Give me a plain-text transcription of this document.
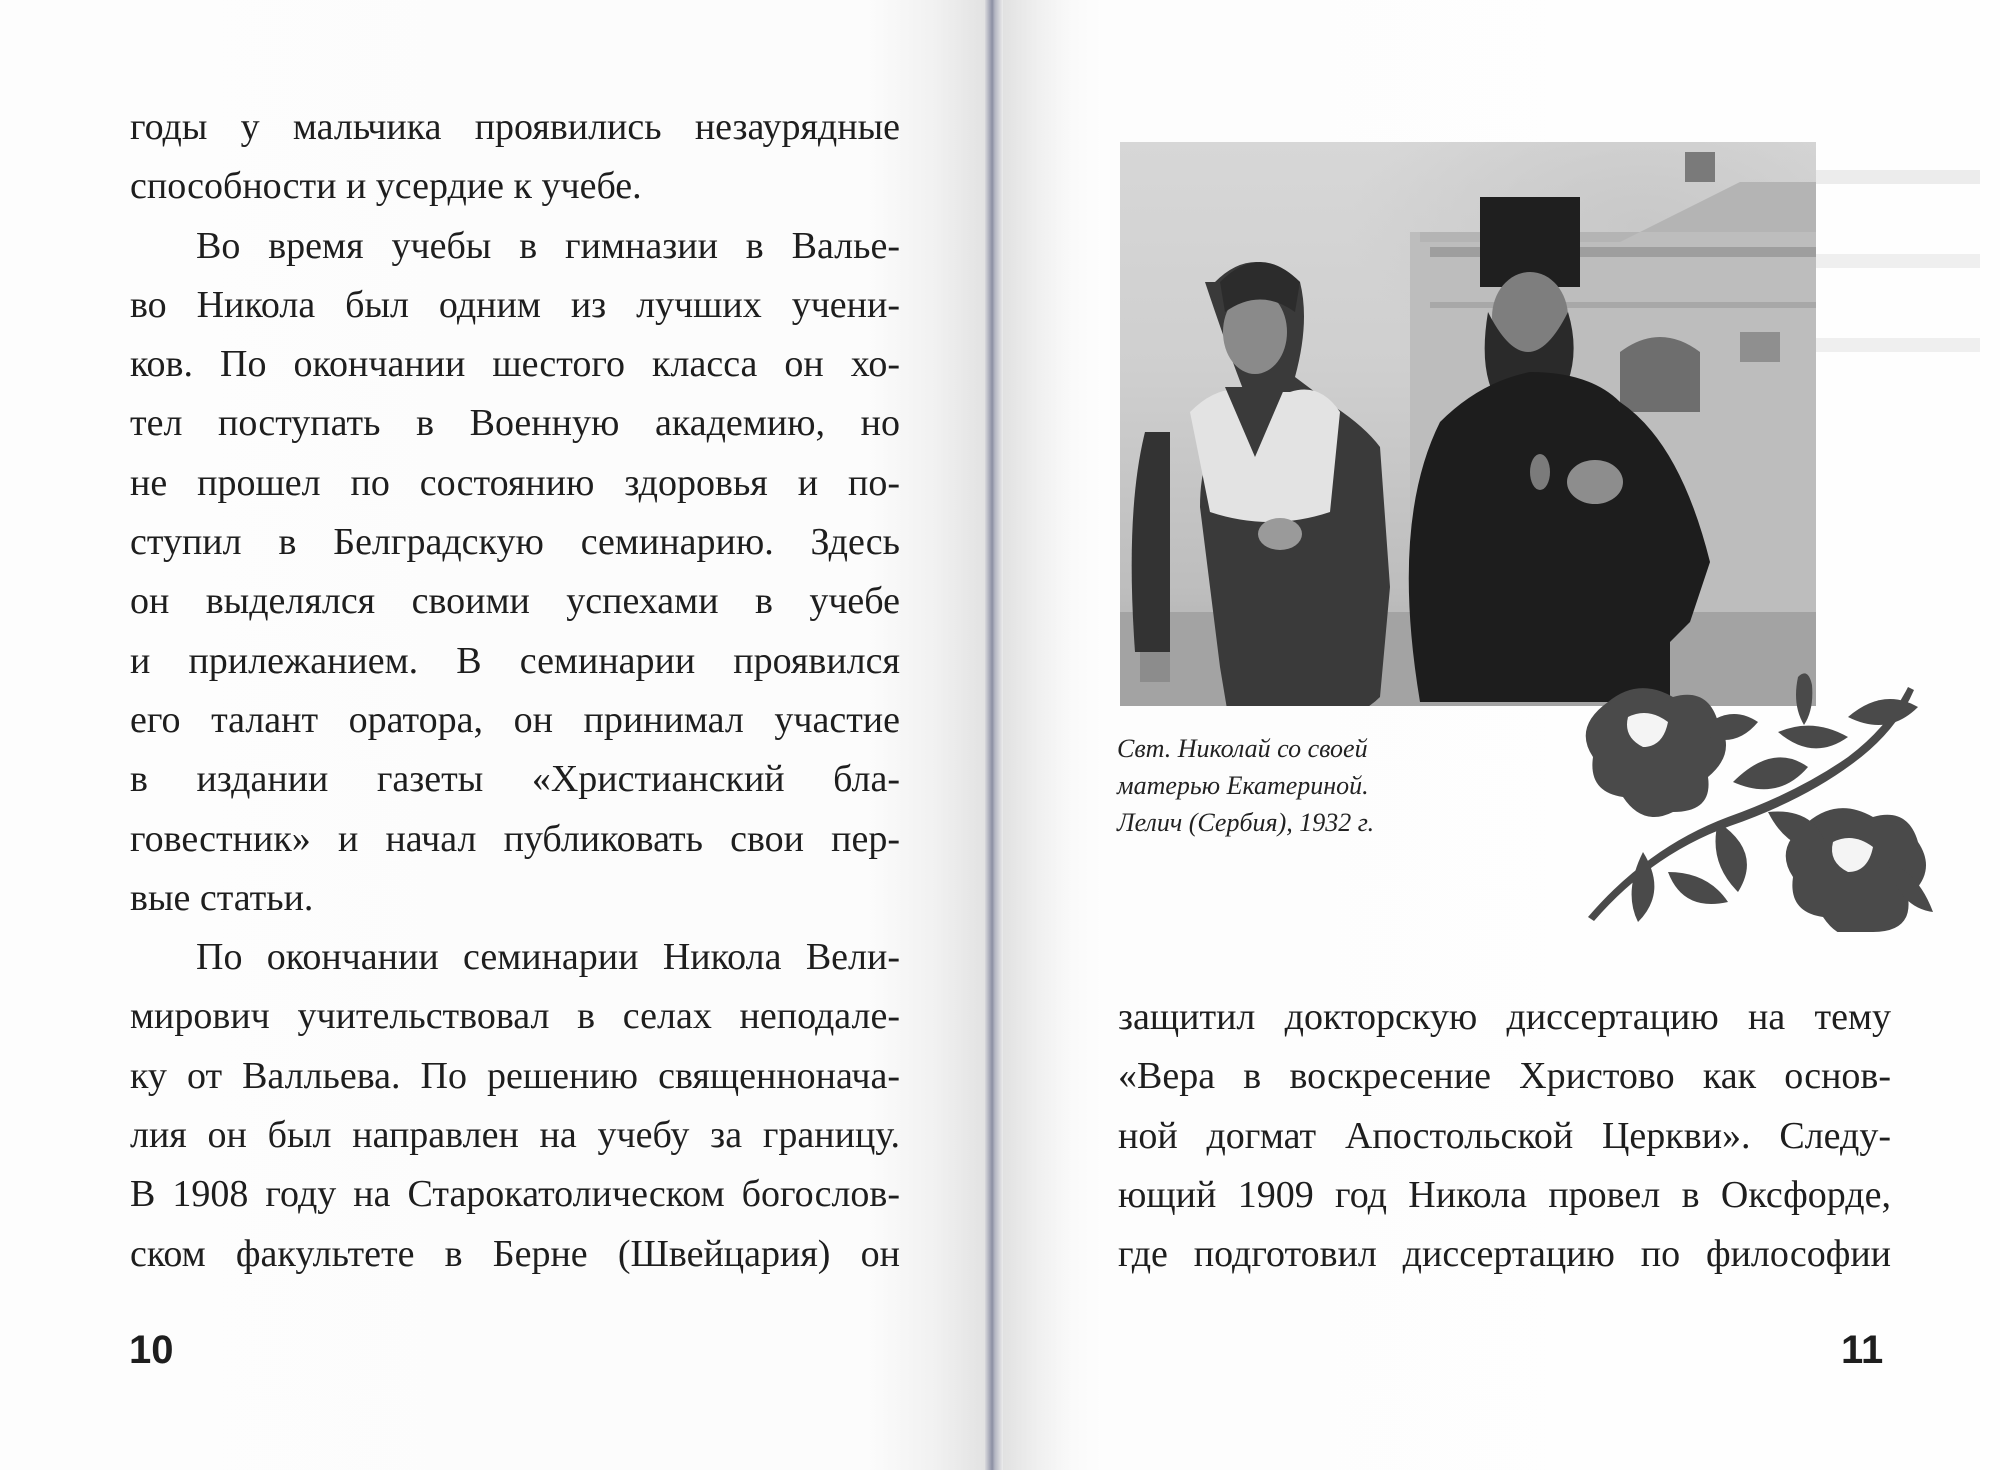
годы у мальчика проявились незаурядные
способности и усердие к учебе.
Во время учебы в гимназии в Валье-
во Никола был одним из лучших учени-
ков. По окончании шестого класса он хо-
тел поступать в Военную академию, но
не прошел по состоянию здоровья и по-
ступил в Белградскую семинарию. Здесь
он выделялся своими успехами в учебе
и прилежанием. В семинарии проявился
его талант оратора, он принимал участие
в издании газеты «Христианский бла-
говестник» и начал публиковать свои пер-
вые статьи.
По окончании семинарии Никола Вели-
мирович учительствовал в селах неподале-
ку от Валльева. По решению священнонача-
лия он был направлен на учебу за границу.
В 1908 году на Старокатолическом богослов-
ском факультете в Берне (Швейцария) он
10
Свт. Николай со своей
матерью Екатериной.
Лелич (Сербия), 1932 г.
защитил докторскую диссертацию на тему
«Вера в воскресение Христово как основ-
ной догмат Апостольской Церкви». Следу-
ющий 1909 год Никола провел в Оксфорде,
где подготовил диссертацию по философии
11
